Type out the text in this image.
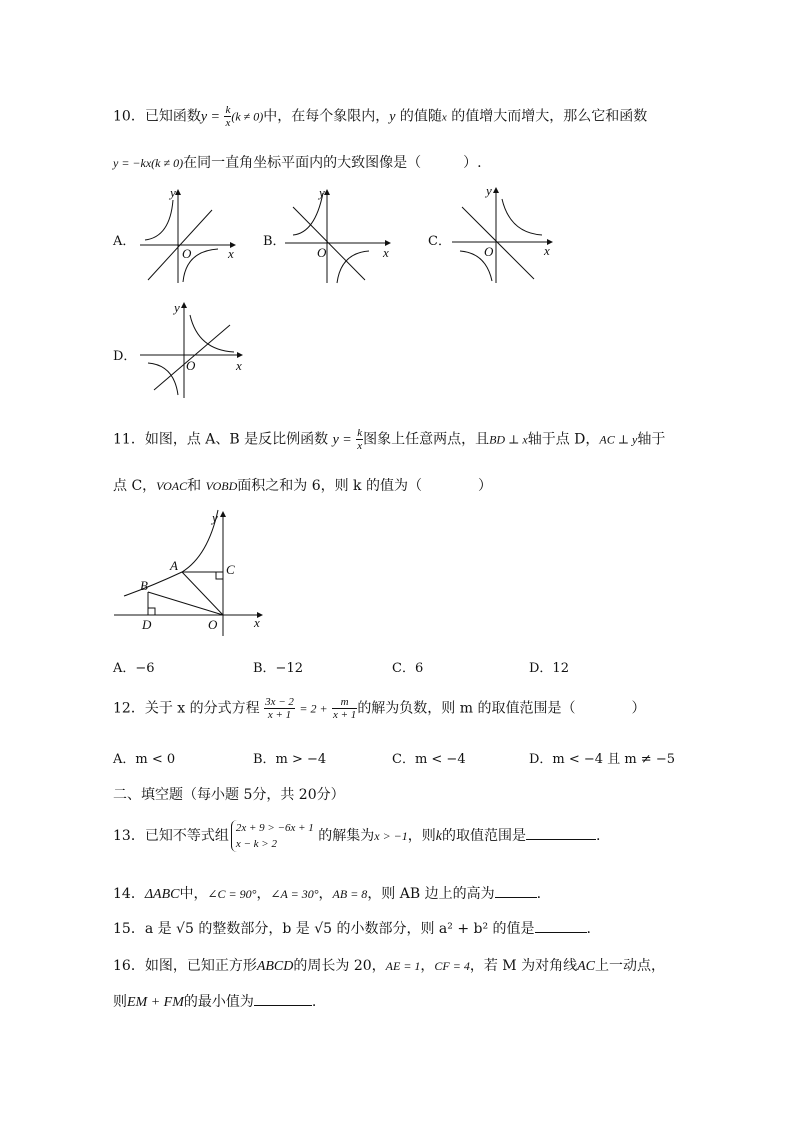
10．已知函数$y = \frac{k}{x} (k \ne 0)$中，在每个象限内，y 的值随x 的值增大而增大，那么它和函数
y = −kx(k ≠ 0)在同一直角坐标平面内的大致图像是（　　　）.
A．	B．	C．
D．
O	x
y
O	x
y
O	x
y
O	x
y
11．如图，点 A、B 是反比例函数 $y = \frac{k}{x}$ 图象上任意两点，且BD ⊥ x轴于点 D，AC ⊥ y轴于
点 C，VOAC和 VOBD面积之和为 6，则 k 的值为（　　　　）
A
B
C
D	O	x
y
A．−6	B．−12	C．6	D．12
12．关于 x 的分式方程 $\frac{3x - 2}{x + 1} = 2 + \frac{m}{x + 1}$ 的解为负数，则 m 的取值范围是（　　　　）
A．m < 0	B．m > −4	C．m < −4	D．m < −4 且 m ≠ −5
二、填空题（每小题 5分，共 20分）
13．已知不等式组 2x + 9 > −6x + 1
x − k > 2	的解集为x > −1，则k的取值范围是	.
14．ΔABC中，∠C = 90°，∠A = 30°，AB = 8，则 AB 边上的高为	.
15．a 是 √5 的整数部分，b 是 √5 的小数部分，则 a² + b² 的值是	.
16．如图，已知正方形ABCD的周长为 20，AE = 1，CF = 4，若 M 为对角线AC上一动点，
则EM + FM的最小值为	.
